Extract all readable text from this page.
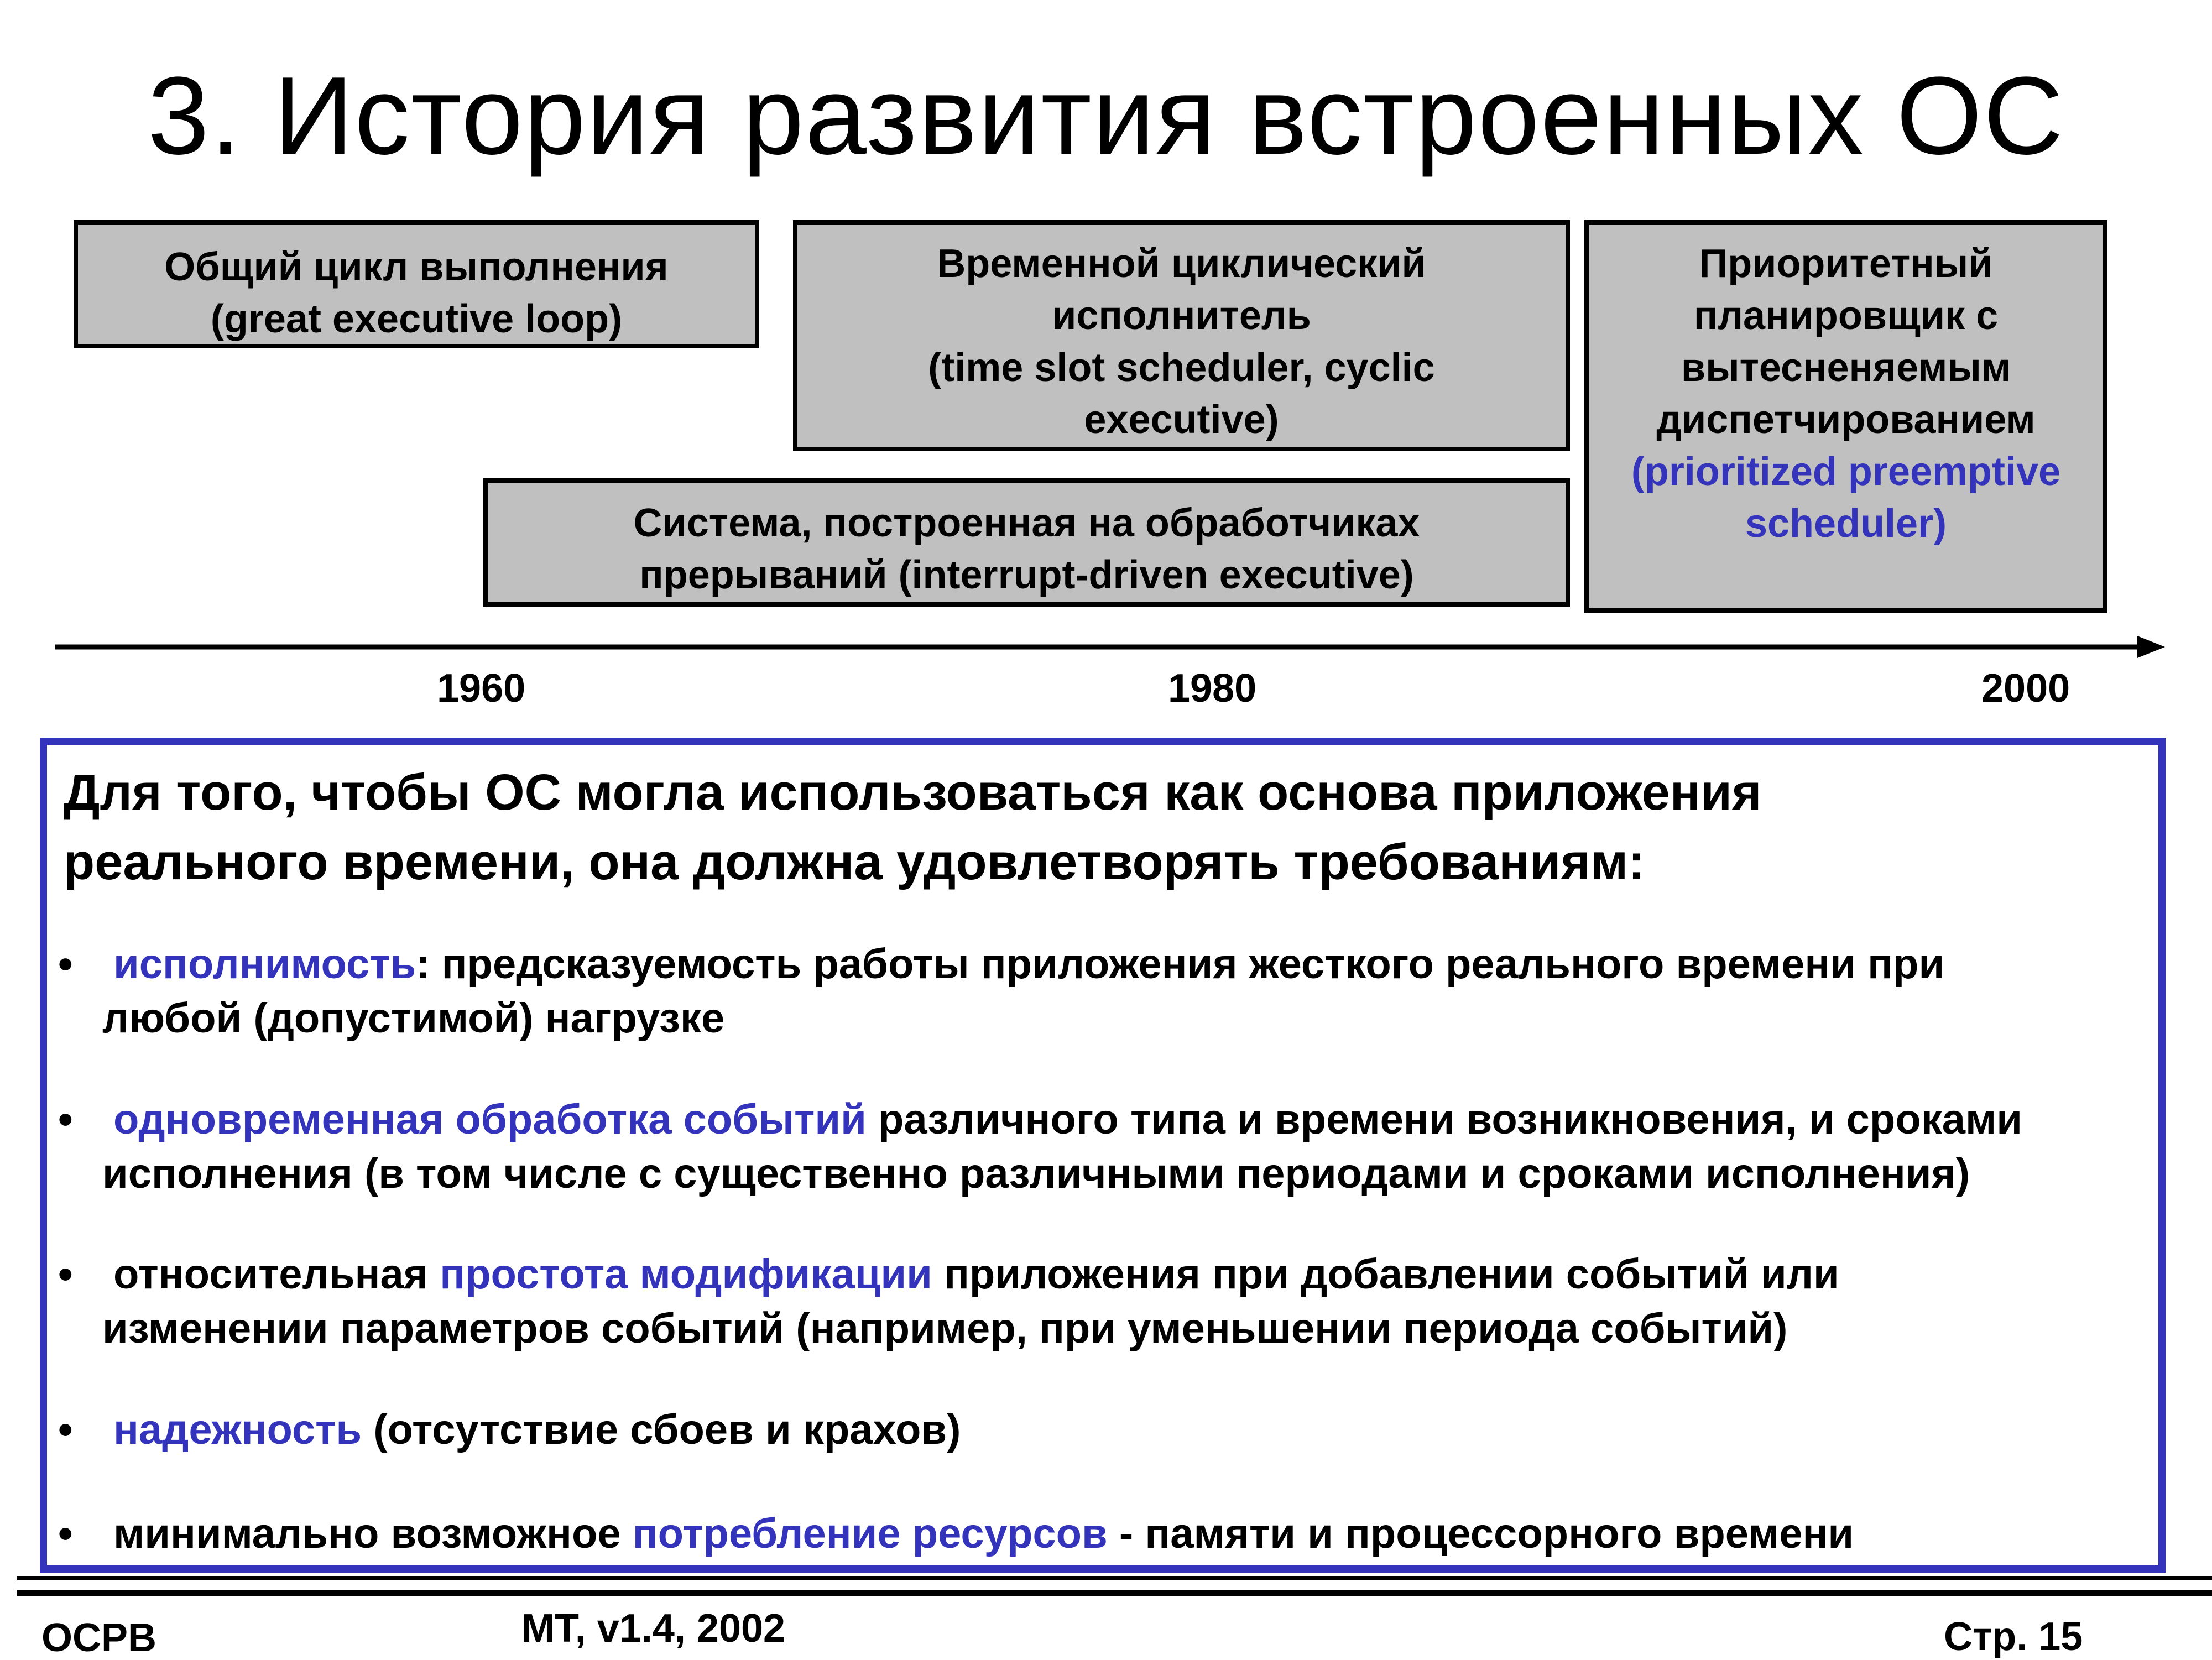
3. История развития встроенных ОС
Общий цикл выполнения
(great executive loop)
Временной циклический
исполнитель
(time slot scheduler, cyclic
executive)
Приоритетный
планировщик с
вытесненяемым
диспетчированием
(prioritized preemptive
scheduler)
Система, построенная на обработчиках
прерываний (interrupt-driven executive)
1960	1980	2000
Для того, чтобы ОС могла использоваться как основа приложения
реального времени, она должна удовлетворять требованиям:
• исполнимость: предсказуемость работы приложения жесткого реального времени при
любой (допустимой) нагрузке
• одновременная обработка событий различного типа и времени возникновения, и сроками
исполнения (в том числе с существенно различными периодами и сроками исполнения)
• относительная простота модификации приложения при добавлении событий или
изменении параметров событий (например, при уменьшении периода событий)
• надежность (отсутствие сбоев и крахов)
• минимально возможное потребление ресурсов - памяти и процессорного времени
ОСРВ	МТ, v1.4, 2002	Стр. 15
